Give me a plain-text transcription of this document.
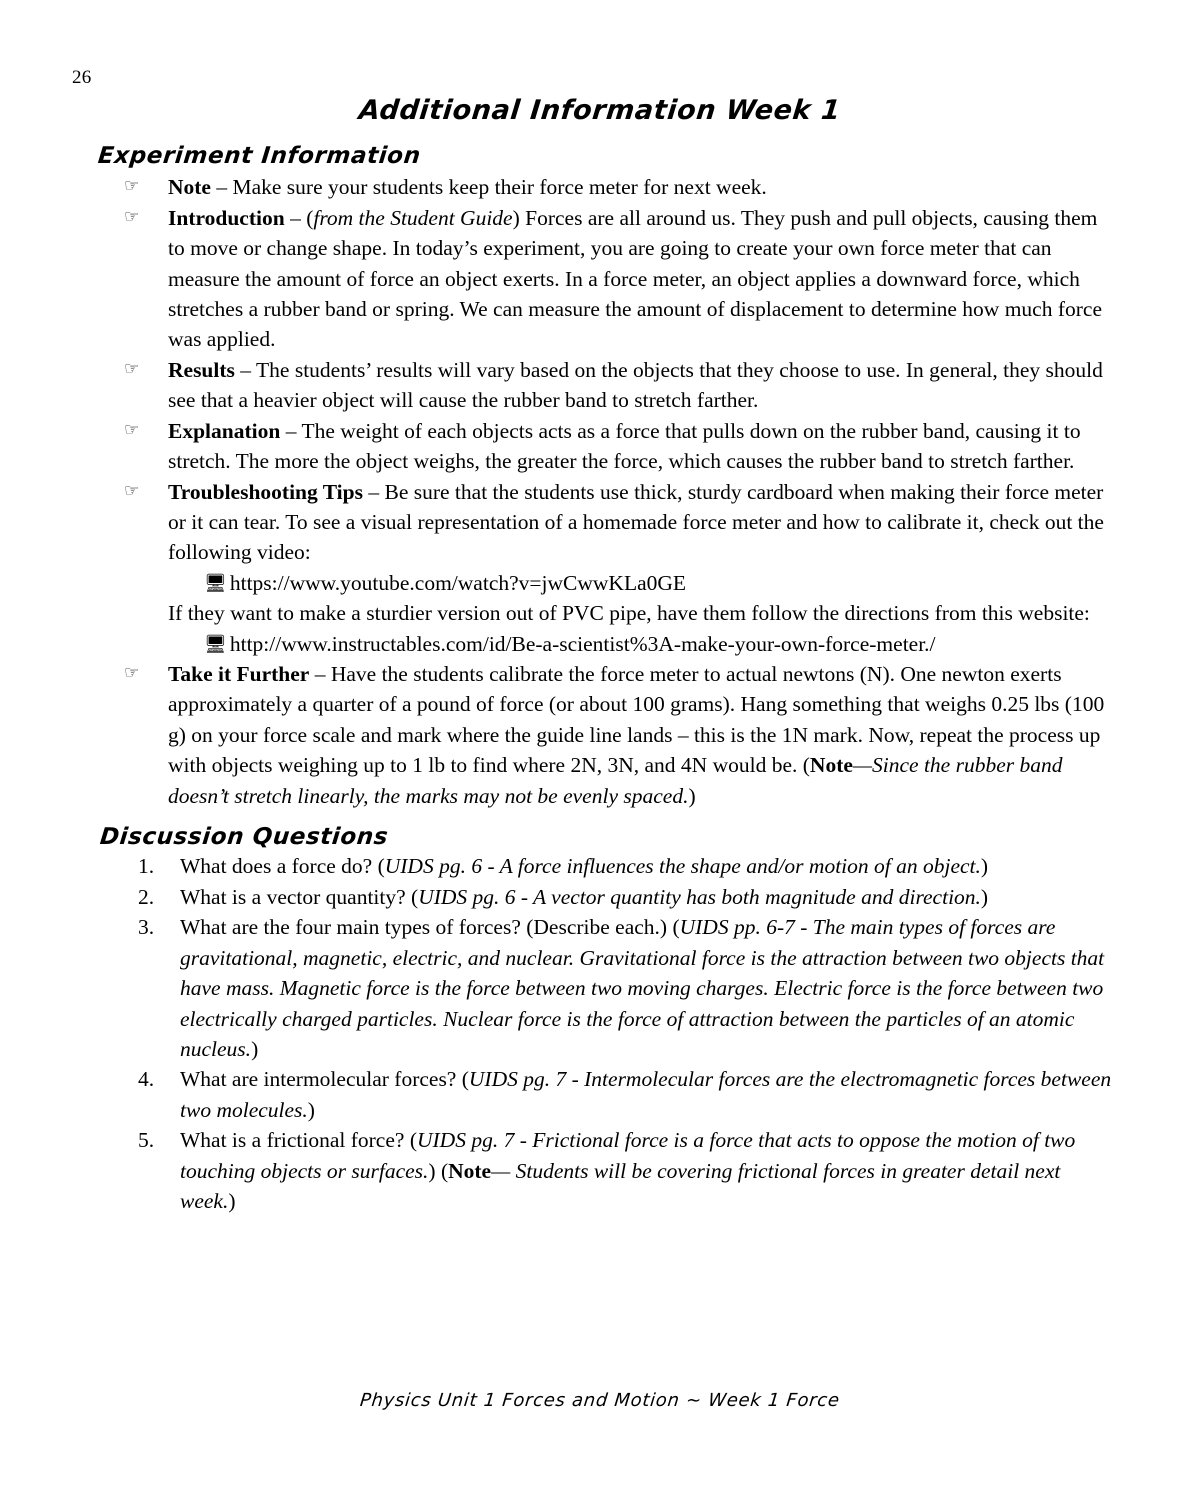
26
Additional Information Week 1
Experiment Information
☞	Note – Make sure your students keep their force meter for next week.
☞	Introduction – (from the Student Guide) Forces are all around us. They push and pull objects, causing them to move or change shape. In today’s experiment, you are going to create your own force meter that can measure the amount of force an object exerts. In a force meter, an object applies a downward force, which stretches a rubber band or spring. We can measure the amount of displacement to determine how much force was applied.
☞	Results – The students’ results will vary based on the objects that they choose to use. In general, they should see that a heavier object will cause the rubber band to stretch farther.
☞	Explanation – The weight of each objects acts as a force that pulls down on the rubber band, causing it to stretch. The more the object weighs, the greater the force, which causes the rubber band to stretch farther.
☞	Troubleshooting Tips – Be sure that the students use thick, sturdy cardboard when making their force meter or it can tear. To see a visual representation of a homemade force meter and how to calibrate it, check out the following video:
🖥 https://www.youtube.com/watch?v=jwCwwKLa0GE
If they want to make a sturdier version out of PVC pipe, have them follow the directions from this website:
🖥 http://www.instructables.com/id/Be-a-scientist%3A-make-your-own-force-meter./
☞	Take it Further – Have the students calibrate the force meter to actual newtons (N). One newton exerts approximately a quarter of a pound of force (or about 100 grams). Hang something that weighs 0.25 lbs (100 g) on your force scale and mark where the guide line lands – this is the 1N mark. Now, repeat the process up with objects weighing up to 1 lb to find where 2N, 3N, and 4N would be. (Note—Since the rubber band doesn’t stretch linearly, the marks may not be evenly spaced.)
Discussion Questions
What does a force do? (UIDS pg. 6 - A force influences the shape and/or motion of an object.)
What is a vector quantity? (UIDS pg. 6 - A vector quantity has both magnitude and direction.)
What are the four main types of forces? (Describe each.) (UIDS pp. 6-7 - The main types of forces are gravitational, magnetic, electric, and nuclear. Gravitational force is the attraction between two objects that have mass. Magnetic force is the force between two moving charges. Electric force is the force between two electrically charged particles. Nuclear force is the force of attraction between the particles of an atomic nucleus.)
What are intermolecular forces? (UIDS pg. 7 - Intermolecular forces are the electromagnetic forces between two molecules.)
What is a frictional force? (UIDS pg. 7 - Frictional force is a force that acts to oppose the motion of two touching objects or surfaces.) (Note— Students will be covering frictional forces in greater detail next week.)
Physics Unit 1 Forces and Motion ~ Week 1 Force
